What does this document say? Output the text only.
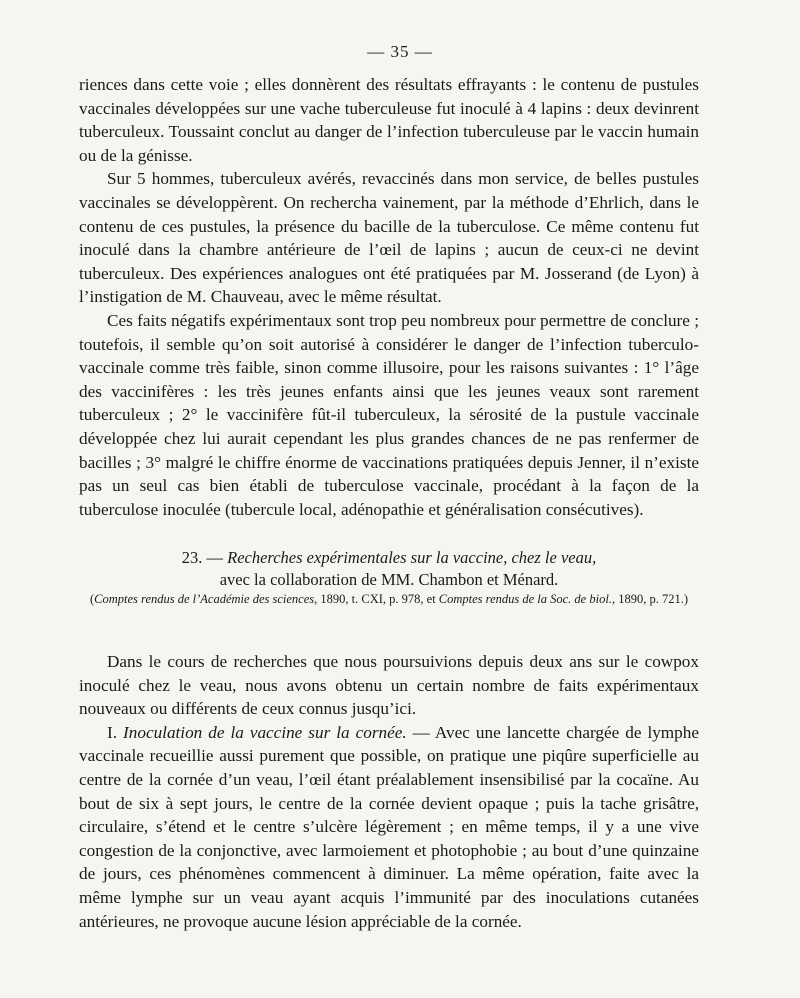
— 35 —

riences dans cette voie ; elles donnèrent des résultats effrayants : le contenu de pustules vaccinales développées sur une vache tuberculeuse fut inoculé à 4 lapins : deux devinrent tuberculeux. Toussaint conclut au danger de l’infection tuberculeuse par le vaccin humain ou de la génisse.

Sur 5 hommes, tuberculeux avérés, revaccinés dans mon service, de belles pustules vaccinales se développèrent. On rechercha vainement, par la méthode d’Ehrlich, dans le contenu de ces pustules, la présence du bacille de la tuberculose. Ce même contenu fut inoculé dans la chambre antérieure de l’œil de lapins ; aucun de ceux-ci ne devint tuberculeux. Des expériences analogues ont été pratiquées par M. Josserand (de Lyon) à l’instigation de M. Chauveau, avec le même résultat.

Ces faits négatifs expérimentaux sont trop peu nombreux pour permettre de conclure ; toutefois, il semble qu’on soit autorisé à considérer le danger de l’infection tuberculo-vaccinale comme très faible, sinon comme illusoire, pour les raisons suivantes : 1° l’âge des vaccinifères : les très jeunes enfants ainsi que les jeunes veaux sont rarement tuberculeux ; 2° le vaccinifère fût-il tuberculeux, la sérosité de la pustule vaccinale développée chez lui aurait cependant les plus grandes chances de ne pas renfermer de bacilles ; 3° malgré le chiffre énorme de vaccinations pratiquées depuis Jenner, il n’existe pas un seul cas bien établi de tuberculose vaccinale, procédant à la façon de la tuberculose inoculée (tubercule local, adénopathie et généralisation consécutives).

23. — Recherches expérimentales sur la vaccine, chez le veau,

avec la collaboration de MM. Chambon et Ménard.

(Comptes rendus de l’Académie des sciences, 1890, t. CXI, p. 978, et Comptes rendus de la Soc. de biol., 1890, p. 721.)

Dans le cours de recherches que nous poursuivions depuis deux ans sur le cowpox inoculé chez le veau, nous avons obtenu un certain nombre de faits expérimentaux nouveaux ou différents de ceux connus jusqu’ici.

I. Inoculation de la vaccine sur la cornée. — Avec une lancette chargée de lymphe vaccinale recueillie aussi purement que possible, on pratique une piqûre superficielle au centre de la cornée d’un veau, l’œil étant préalablement insensibilisé par la cocaïne. Au bout de six à sept jours, le centre de la cornée devient opaque ; puis la tache grisâtre, circulaire, s’étend et le centre s’ulcère légèrement ; en même temps, il y a une vive congestion de la conjonctive, avec larmoiement et photophobie ; au bout d’une quinzaine de jours, ces phénomènes commencent à diminuer. La même opération, faite avec la même lymphe sur un veau ayant acquis l’immunité par des inoculations cutanées antérieures, ne provoque aucune lésion appréciable de la cornée.
